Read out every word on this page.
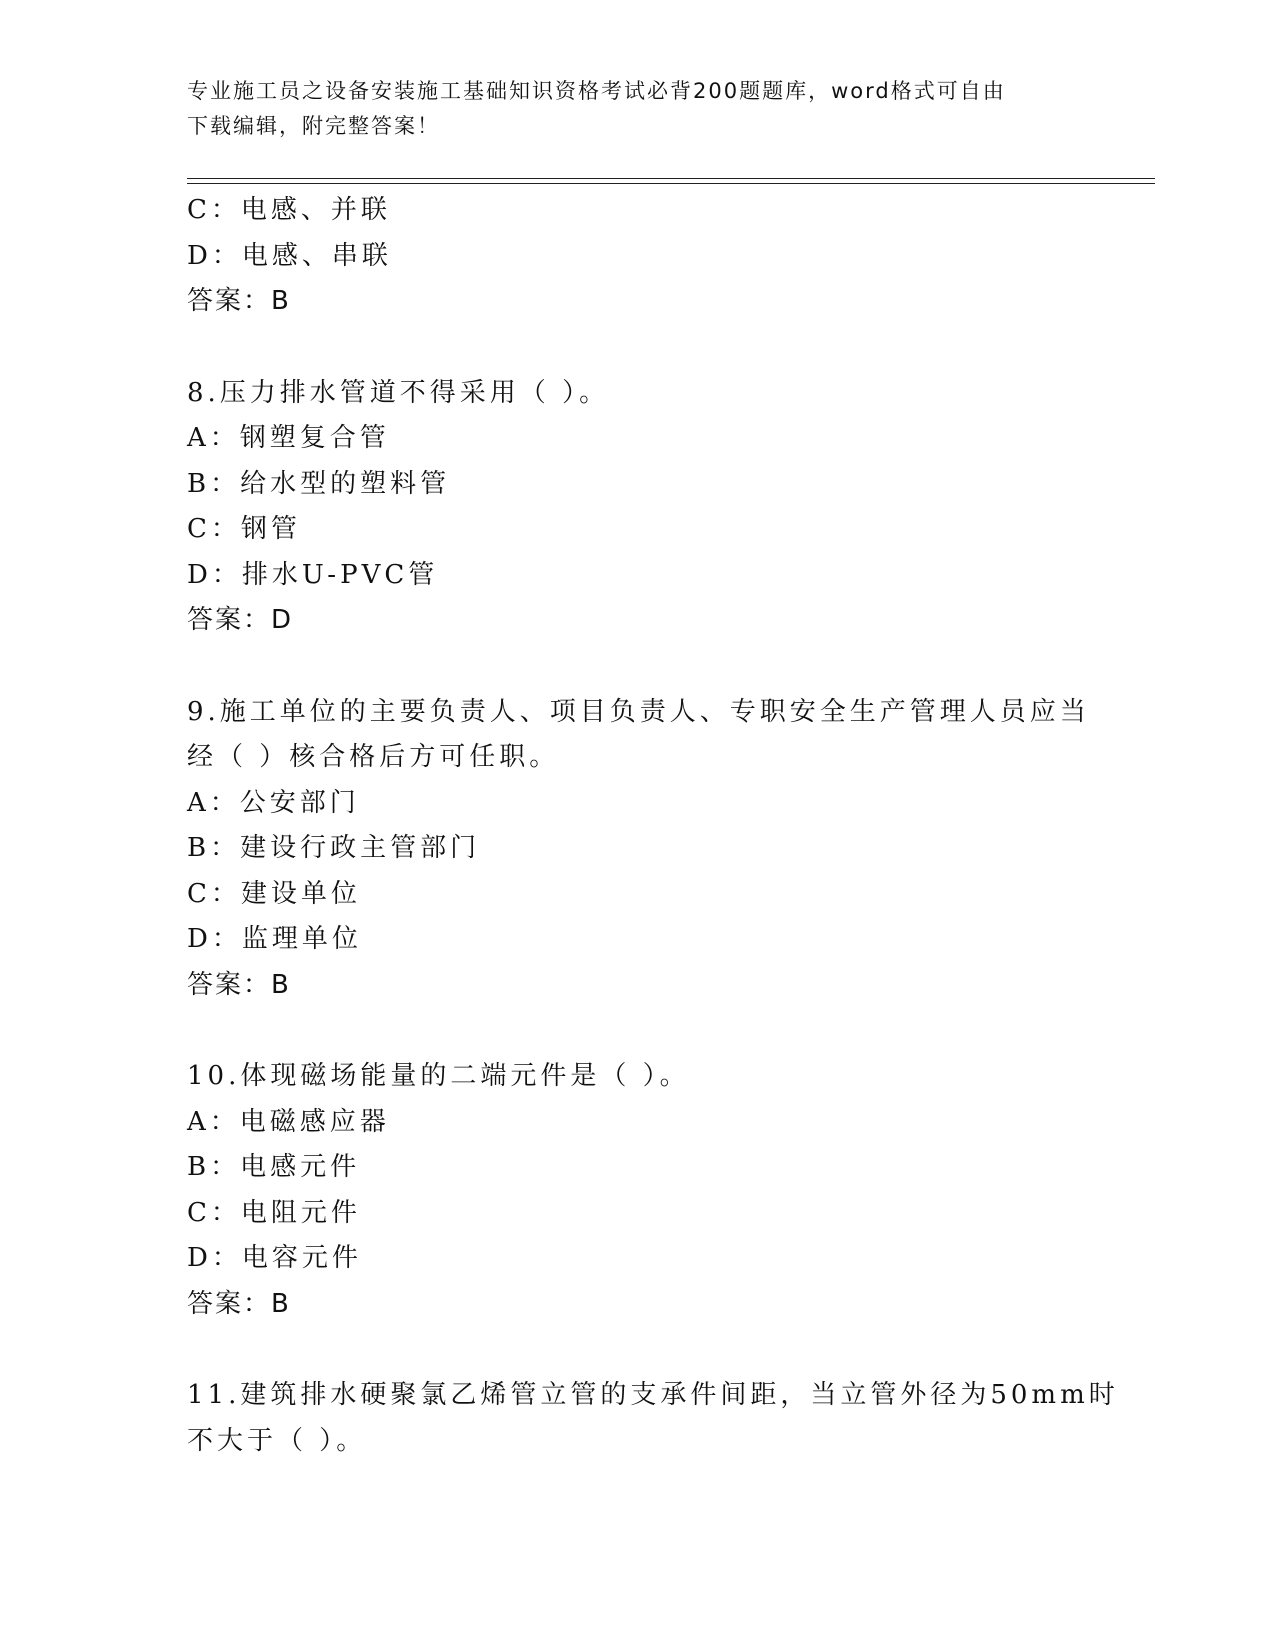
专业施工员之设备安装施工基础知识资格考试必背200题题库，word格式可自由
下载编辑，附完整答案！
C：电感、并联
D：电感、串联
答案：B
8.压力排水管道不得采用（ ）。
A：钢塑复合管
B：给水型的塑料管
C：钢管
D：排水U-PVC管
答案：D
9.施工单位的主要负责人、项目负责人、专职安全生产管理人员应当
经（ ）核合格后方可任职。
A：公安部门
B：建设行政主管部门
C：建设单位
D：监理单位
答案：B
10.体现磁场能量的二端元件是（ ）。
A：电磁感应器
B：电感元件
C：电阻元件
D：电容元件
答案：B
11.建筑排水硬聚氯乙烯管立管的支承件间距，当立管外径为50mm时
不大于（ ）。
